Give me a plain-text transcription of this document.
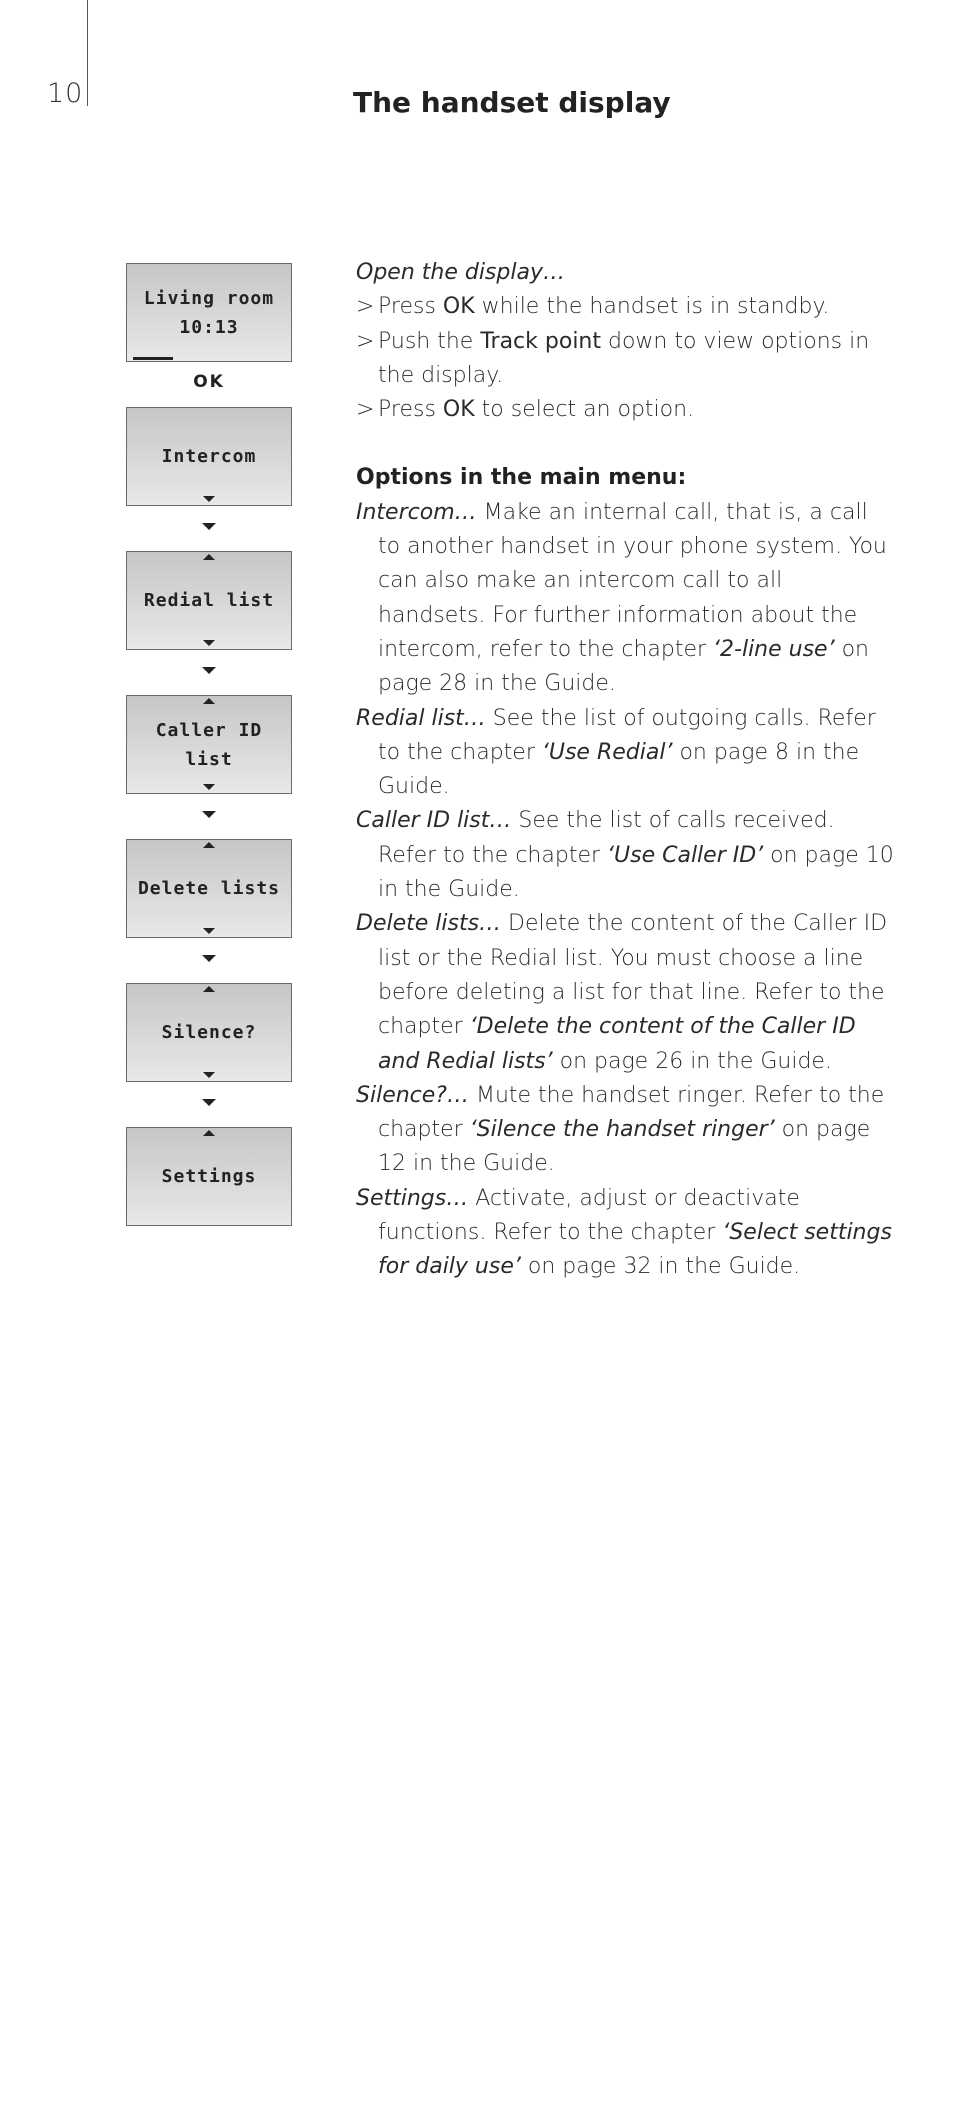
10	The handset display
Living room
10:13
OK
Intercom
Redial list
Caller ID list
Delete lists
Silence?
Settings

Open the display…

> Press OK while the handset is in standby.

> Push the Track point down to view options in the display.

> Press OK to select an option.

Options in the main menu:

Intercom… Make an internal call, that is, a call to another handset in your phone system. You can also make an intercom call to all handsets. For further information about the intercom, refer to the chapter ‘2-line use’ on page 28 in the Guide.

Redial list… See the list of outgoing calls. Refer to the chapter ‘Use Redial’ on page 8 in the Guide.

Caller ID list… See the list of calls received. Refer to the chapter ‘Use Caller ID’ on page 10 in the Guide.

Delete lists… Delete the content of the Caller ID list or the Redial list. You must choose a line before deleting a list for that line. Refer to the chapter ‘Delete the content of the Caller ID and Redial lists’ on page 26 in the Guide.

Silence?… Mute the handset ringer. Refer to the chapter ‘Silence the handset ringer’ on page 12 in the Guide.

Settings… Activate, adjust or deactivate functions. Refer to the chapter ‘Select settings for daily use’ on page 32 in the Guide.
